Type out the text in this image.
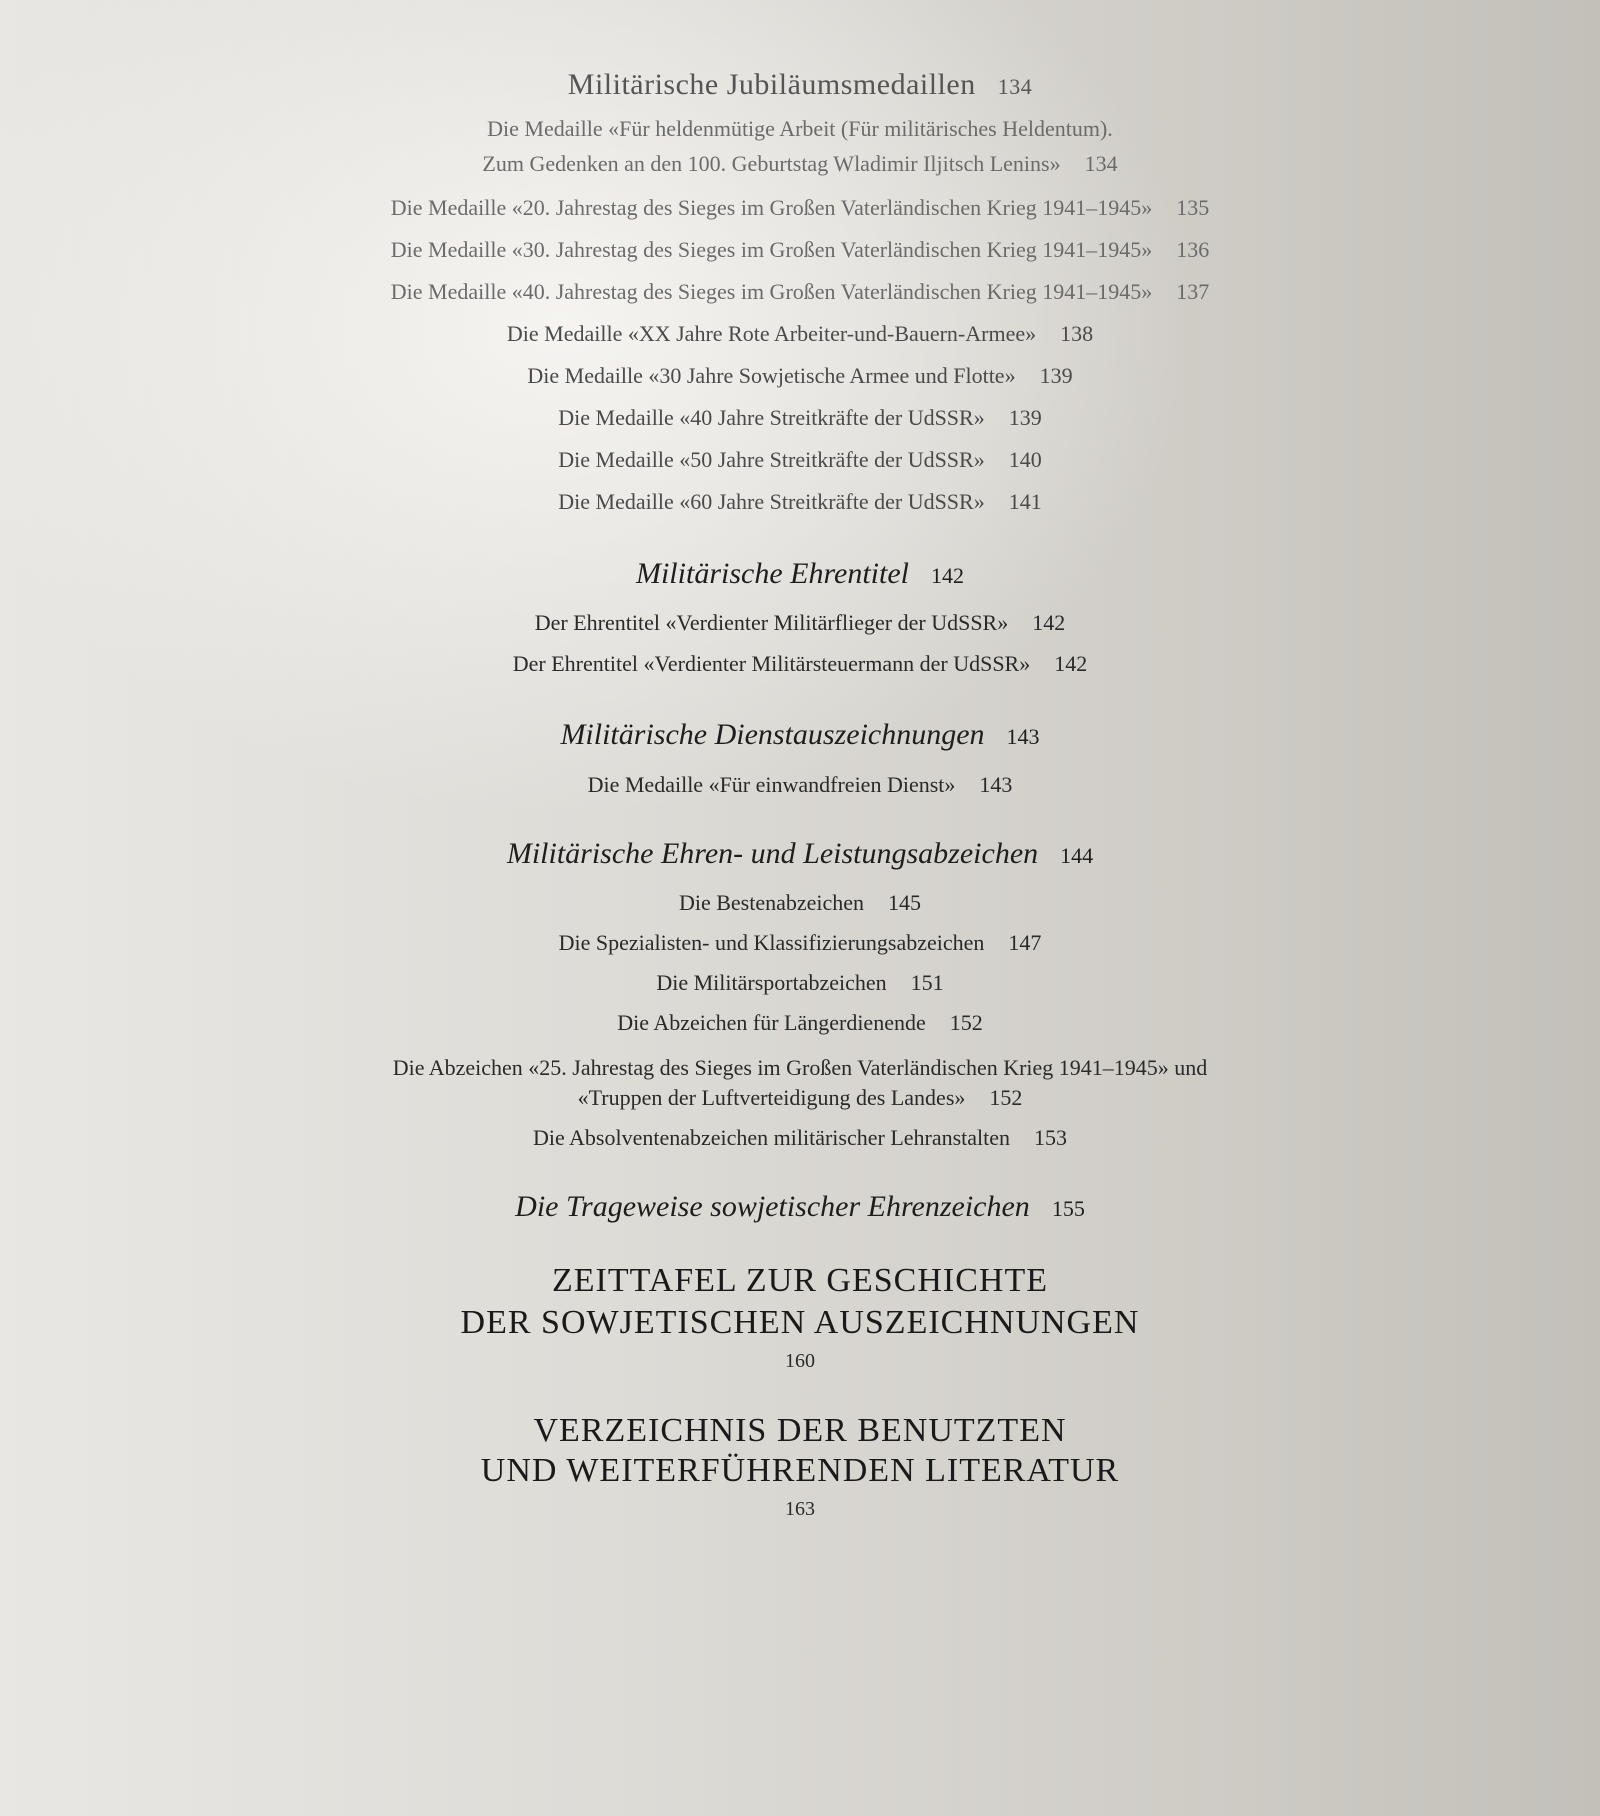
Militärische Jubiläumsmedaillen 134
Die Medaille «Für heldenmütige Arbeit (Für militärisches Heldentum).
Zum Gedenken an den 100. Geburtstag Wladimir Iljitsch Lenins» 134
Die Medaille «20. Jahrestag des Sieges im Großen Vaterländischen Krieg 1941–1945» 135
Die Medaille «30. Jahrestag des Sieges im Großen Vaterländischen Krieg 1941–1945» 136
Die Medaille «40. Jahrestag des Sieges im Großen Vaterländischen Krieg 1941–1945» 137
Die Medaille «XX Jahre Rote Arbeiter-und-Bauern-Armee» 138
Die Medaille «30 Jahre Sowjetische Armee und Flotte» 139
Die Medaille «40 Jahre Streitkräfte der UdSSR» 139
Die Medaille «50 Jahre Streitkräfte der UdSSR» 140
Die Medaille «60 Jahre Streitkräfte der UdSSR» 141
Militärische Ehrentitel 142
Der Ehrentitel «Verdienter Militärflieger der UdSSR» 142
Der Ehrentitel «Verdienter Militärsteuermann der UdSSR» 142
Militärische Dienstauszeichnungen 143
Die Medaille «Für einwandfreien Dienst» 143
Militärische Ehren- und Leistungsabzeichen 144
Die Bestenabzeichen 145
Die Spezialisten- und Klassifizierungsabzeichen 147
Die Militärsportabzeichen 151
Die Abzeichen für Längerdienende 152
Die Abzeichen «25. Jahrestag des Sieges im Großen Vaterländischen Krieg 1941–1945» und
«Truppen der Luftverteidigung des Landes» 152
Die Absolventenabzeichen militärischer Lehranstalten 153
Die Trageweise sowjetischer Ehrenzeichen 155
ZEITTAFEL ZUR GESCHICHTE
DER SOWJETISCHEN AUSZEICHNUNGEN
160
VERZEICHNIS DER BENUTZTEN
UND WEITERFÜHRENDEN LITERATUR
163
